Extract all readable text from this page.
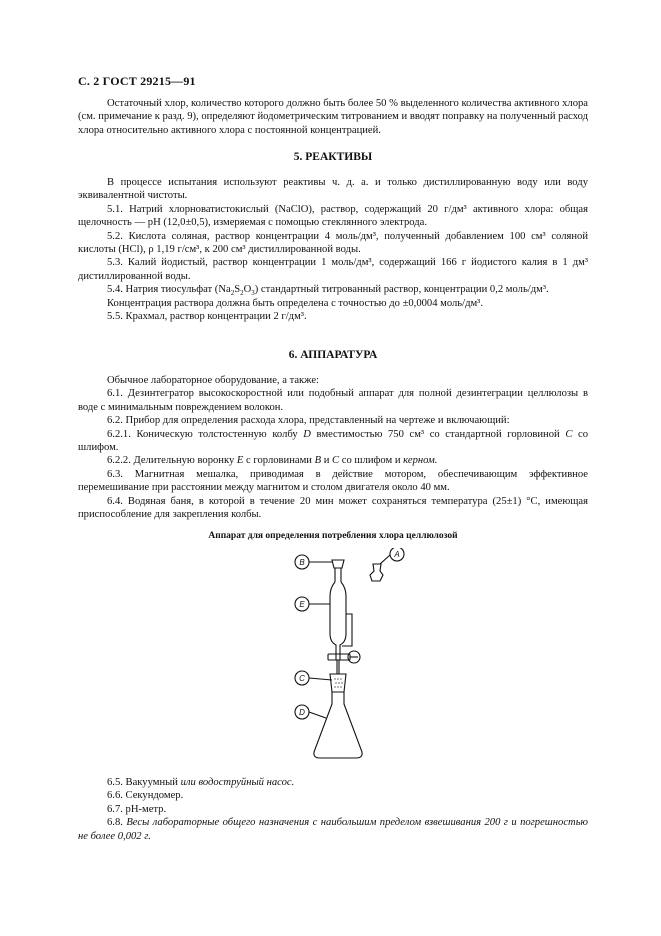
С. 2 ГОСТ 29215—91

Остаточный хлор, количество которого должно быть более 50 % выделенного количества активного хлора (см. примечание к разд. 9), определяют йодометрическим титрованием и вводят поправку на полученный расход хлора относительно активного хлора с постоянной концентрацией.

5. РЕАКТИВЫ

В процессе испытания используют реактивы ч. д. а. и только дистиллированную воду или воду эквивалентной чистоты.

5.1. Натрий хлорноватистокислый (NaClO), раствор, содержащий 20 г/дм³ активного хлора: общая щелочность — pH (12,0±0,5), измеряемая с помощью стеклянного электрода.

5.2. Кислота соляная, раствор концентрации 4 моль/дм³, полученный добавлением 100 см³ соляной кислоты (HCl), ρ 1,19 г/см³, к 200 см³ дистиллированной воды.

5.3. Калий йодистый, раствор концентрации 1 моль/дм³, содержащий 166 г йодистого калия в 1 дм³ дистиллированной воды.

5.4. Натрия тиосульфат $(Na_2S_2O_3)$ стандартный титрованный раствор, концентрации 0,2 моль/дм³.

Концентрация раствора должна быть определена с точностью до ±0,0004 моль/дм³.

5.5. Крахмал, раствор концентрации 2 г/дм³.

6. АППАРАТУРА

Обычное лабораторное оборудование, а также:

6.1. Дезинтегратор высокоскоростной или подобный аппарат для полной дезинтеграции целлюлозы в воде с минимальным повреждением волокон.

6.2. Прибор для определения расхода хлора, представленный на чертеже и включающий:

6.2.1. Коническую толстостенную колбу D вместимостью 750 см³ со стандартной горловиной C со шлифом.

6.2.2. Делительную воронку E с горловинами B и C со шлифом и керном.

6.3. Магнитная мешалка, приводимая в действие мотором, обеспечивающим эффективное перемешивание при расстоянии между магнитом и столом двигателя около 40 мм.

6.4. Водяная баня, в которой в течение 20 мин может сохраняться температура (25±1) °С, имеющая приспособление для закрепления колбы.

Аппарат для определения потребления хлора целлюлозой
B
E
C
D
A

6.5. Вакуумный или водоструйный насос.

6.6. Секундомер.

6.7. pH-метр.

6.8. Весы лабораторные общего назначения с наибольшим пределом взвешивания 200 г и погрешностью не более 0,002 г.
